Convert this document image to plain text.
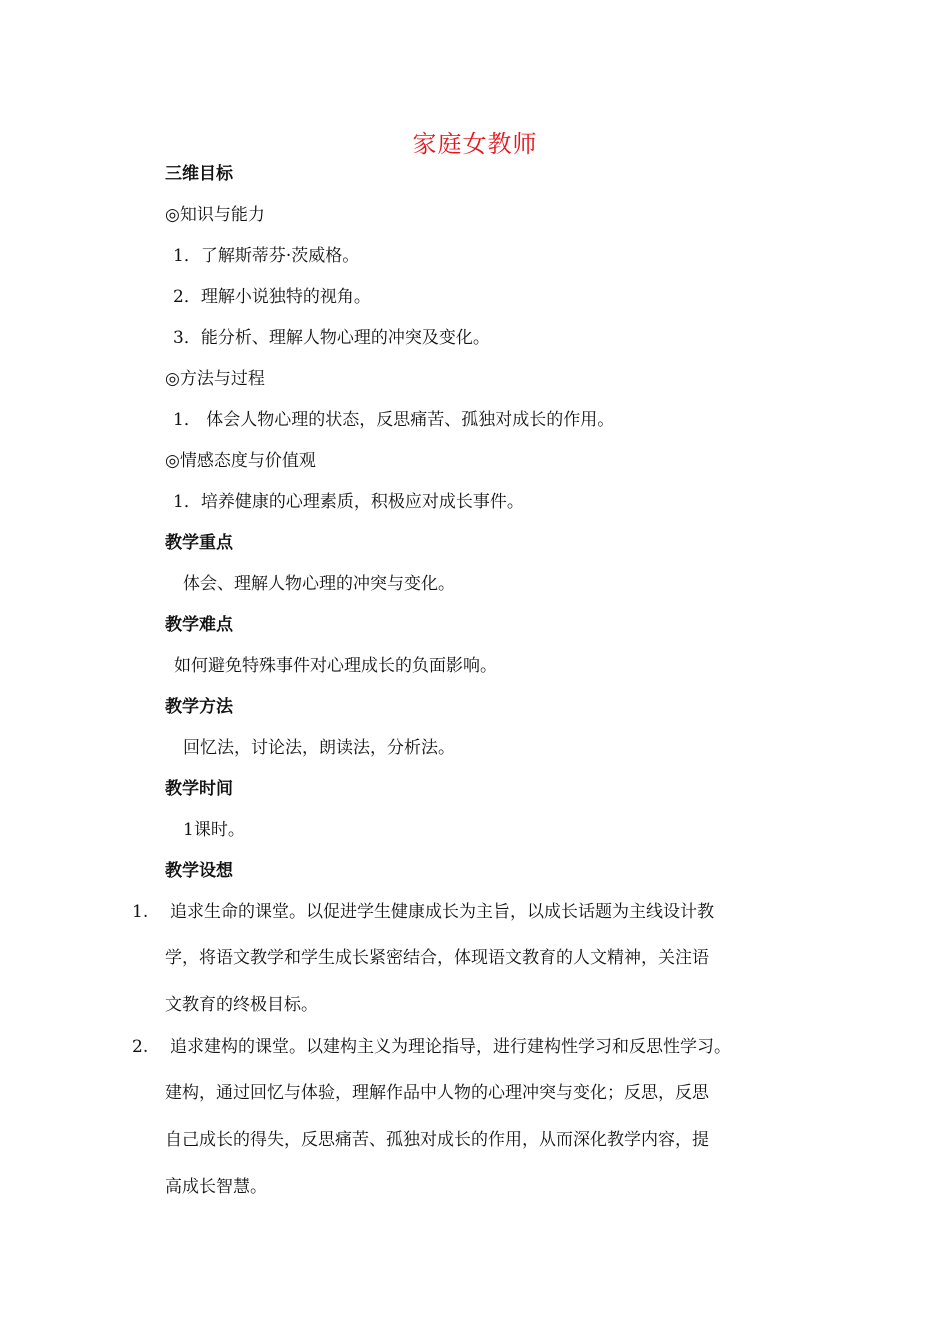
家庭女教师
三维目标
◎知识与能力
1．了解斯蒂芬·茨威格。
2．理解小说独特的视角。
3．能分析、理解人物心理的冲突及变化。
◎方法与过程
1． 体会人物心理的状态，反思痛苦、孤独对成长的作用。
◎情感态度与价值观
1．培养健康的心理素质，积极应对成长事件。
教学重点
体会、理解人物心理的冲突与变化。
教学难点
如何避免特殊事件对心理成长的负面影响。
教学方法
回忆法，讨论法，朗读法，分析法。
教学时间
1课时。
教学设想
1. 追求生命的课堂。以促进学生健康成长为主旨，以成长话题为主线设计教
学，将语文教学和学生成长紧密结合，体现语文教育的人文精神，关注语
文教育的终极目标。
2. 追求建构的课堂。以建构主义为理论指导，进行建构性学习和反思性学习。
建构，通过回忆与体验，理解作品中人物的心理冲突与变化；反思，反思
自己成长的得失，反思痛苦、孤独对成长的作用，从而深化教学内容，提
高成长智慧。
